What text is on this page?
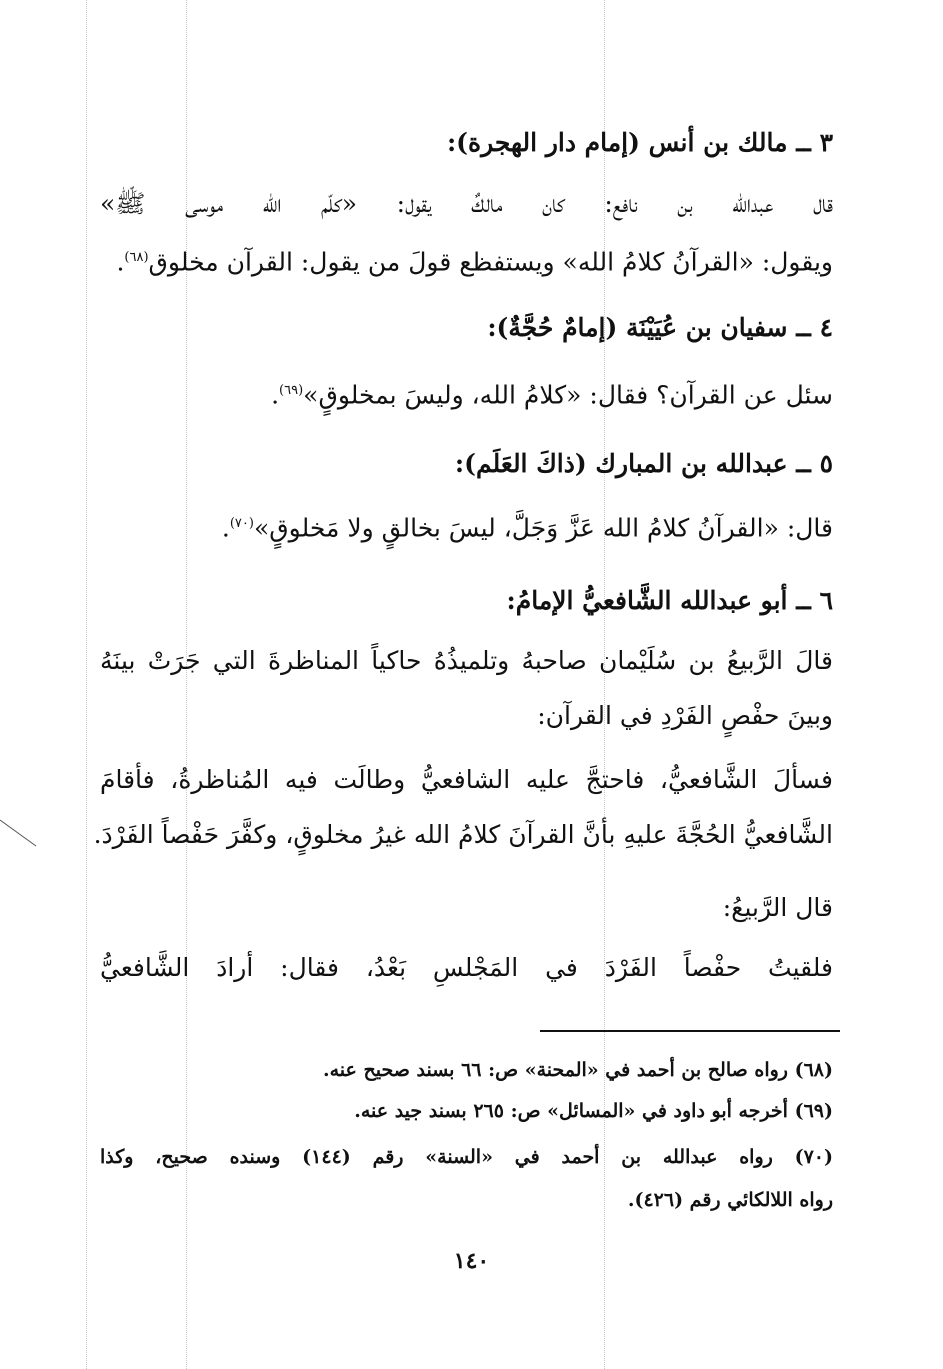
٣ ــ مالك بن أنس (إمام دار الهجرة):
قال عبدالله بن نافع: كان مالكٌ يقول: «كلّم الله موسى ﷺ»
ويقول: «القرآنُ كلامُ الله» ويستفظع قولَ من يقول: القرآن مخلوق$^{(٦٨)}$.
٤ ــ سفيان بن عُيَيْنَة (إمامٌ حُجَّةٌ):
سئل عن القرآن؟ فقال: «كلامُ الله، وليسَ بمخلوقٍ»$^{(٦٩)}$.
٥ ــ عبدالله بن المبارك (ذاكَ العَلَم):
قال: «القرآنُ كلامُ الله عَزَّ وَجَلَّ، ليسَ بخالقٍ ولا مَخلوقٍ»$^{(٧٠)}$.
٦ ــ أبو عبدالله الشَّافعيُّ الإمامُ:
قالَ الرَّبيعُ بن سُلَيْمان صاحبهُ وتلميذُهُ حاكياً المناظرةَ التي جَرَتْ بينَهُ
وبينَ حفْصٍ الفَرْدِ في القرآن:
فسألَ الشَّافعيُّ، فاحتجَّ عليه الشافعيُّ وطالَت فيه المُناظرةُ، فأقامَ
الشَّافعيُّ الحُجَّةَ عليهِ بأنَّ القرآنَ كلامُ الله غيرُ مخلوقٍ، وكفَّرَ حَفْصاً الفَرْدَ.
قال الرَّبيعُ:
فلقيتُ حفْصاً الفَرْدَ في المَجْلسِ بَعْدُ، فقال: أرادَ الشَّافعيُّ
(٦٨) رواه صالح بن أحمد في «المحنة» ص: ٦٦ بسند صحيح عنه.
(٦٩) أخرجه أبو داود في «المسائل» ص: ٢٦٥ بسند جيد عنه.
(٧٠) رواه عبدالله بن أحمد في «السنة» رقم (١٤٤) وسنده صحيح، وكذا
رواه اللالكائي رقم (٤٢٦).
١٤٠
